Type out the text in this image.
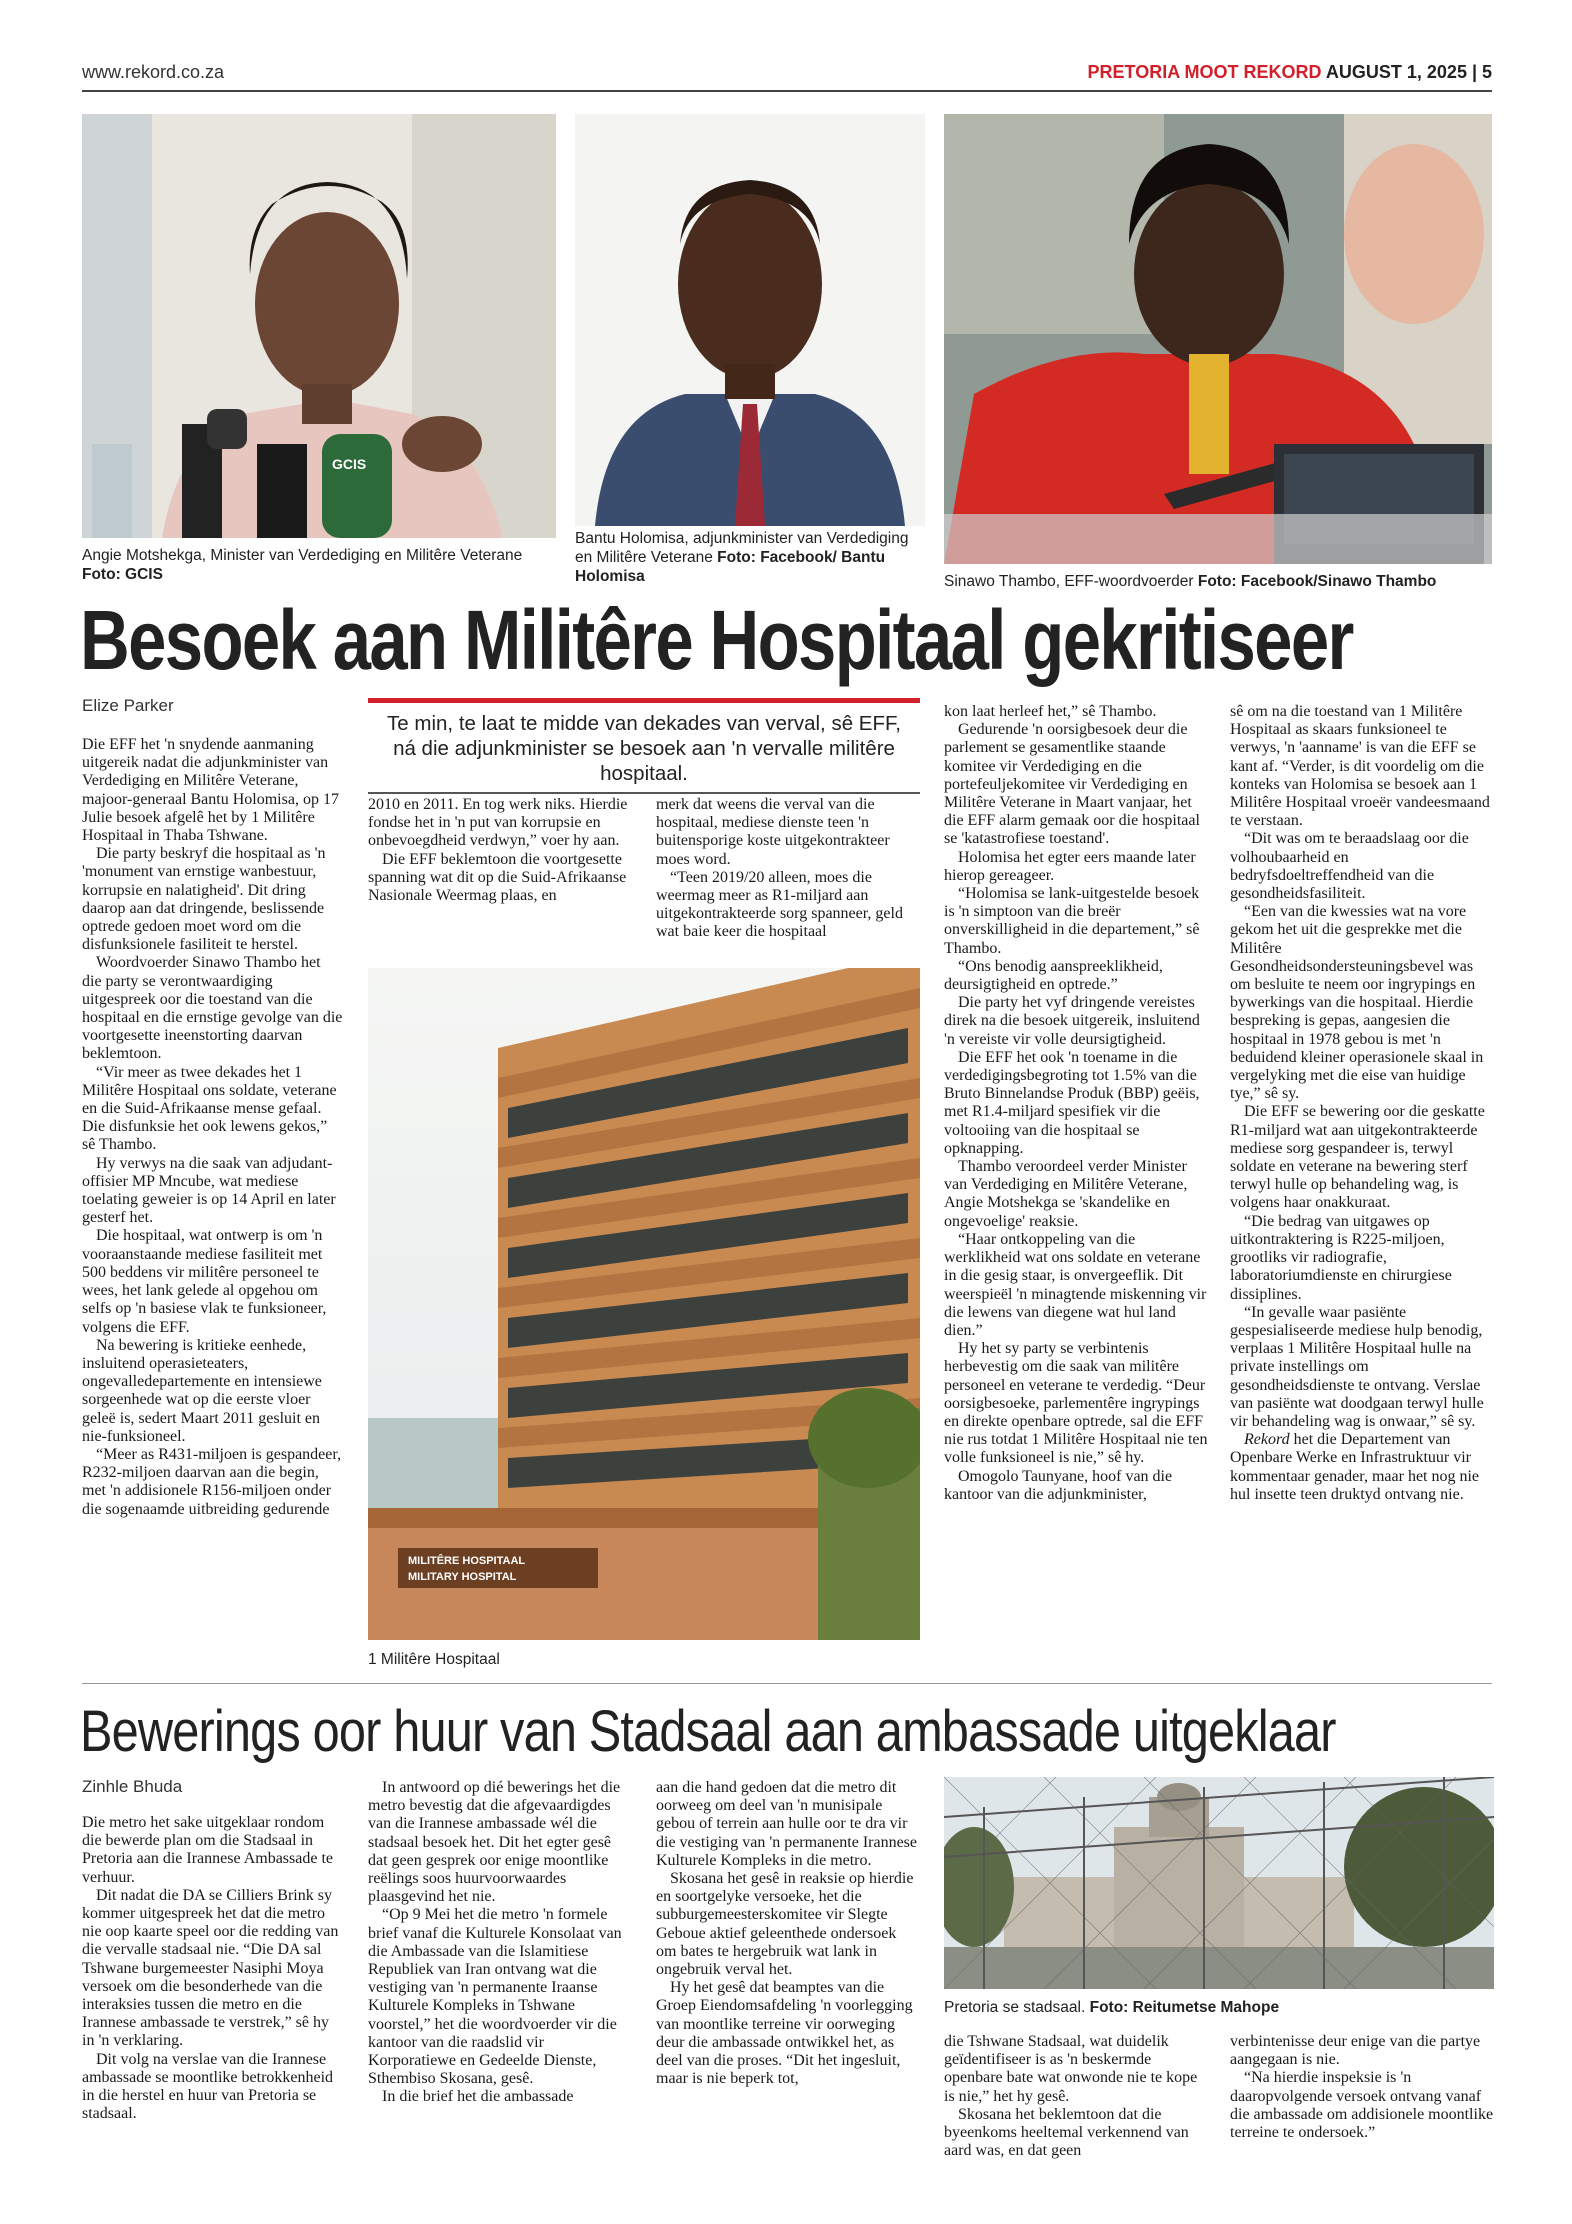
www.rekord.co.za	PRETORIA MOOT REKORD AUGUST 1, 2025 | 5
GCIS
Angie Motshekga, Minister van Verdediging en Militêre Veterane Foto: GCIS
Bantu Holomisa, adjunkminister van Verdediging en Militêre Veterane Foto: Facebook/ Bantu Holomisa	Sinawo Thambo, EFF-woordvoerder Foto: Facebook/Sinawo Thambo
Besoek aan Militêre Hospitaal gekritiseer
Elize Parker
Te min, te laat te midde van dekades van verval, sê EFF, ná die adjunkminister se besoek aan 'n vervalle militêre hospitaal.

Die EFF het 'n snydende aanmaning uitgereik nadat die adjunkminister van Verdediging en Militêre Veterane, majoor-generaal Bantu Holomisa, op 17 Julie besoek afgelê het by 1 Militêre Hospitaal in Thaba Tshwane.

Die party beskryf die hospitaal as 'n 'monument van ernstige wanbestuur, korrupsie en nalatigheid'. Dit dring daarop aan dat dringende, beslissende optrede gedoen moet word om die disfunksionele fasiliteit te herstel.

Woordvoerder Sinawo Thambo het die party se verontwaardiging uitgespreek oor die toestand van die hospitaal en die ernstige gevolge van die voortgesette ineenstorting daarvan beklemtoon.

“Vir meer as twee dekades het 1 Militêre Hospitaal ons soldate, veterane en die Suid-Afrikaanse mense gefaal. Die disfunksie het ook lewens gekos,” sê Thambo.

Hy verwys na die saak van adjudant-offisier MP Mncube, wat mediese toelating geweier is op 14 April en later gesterf het.

Die hospitaal, wat ontwerp is om 'n vooraanstaande mediese fasiliteit met 500 beddens vir militêre personeel te wees, het lank gelede al opgehou om selfs op 'n basiese vlak te funksioneer, volgens die EFF.

Na bewering is kritieke eenhede, insluitend operasieteaters, ongevalledepartemente en intensiewe sorgeenhede wat op die eerste vloer geleë is, sedert Maart 2011 gesluit en nie-funksioneel.

“Meer as R431-miljoen is gespandeer, R232-miljoen daarvan aan die begin, met 'n addisionele R156-miljoen onder die sogenaamde uitbreiding gedurende

2010 en 2011. En tog werk niks. Hierdie fondse het in 'n put van korrupsie en onbevoegdheid verdwyn,” voer hy aan.

Die EFF beklemtoon die voortgesette spanning wat dit op die Suid-Afrikaanse Nasionale Weermag plaas, en

merk dat weens die verval van die hospitaal, mediese dienste teen 'n buitensporige koste uitgekontrakteer moes word.

“Teen 2019/20 alleen, moes die weermag meer as R1-miljard aan uitgekontrakteerde sorg spanneer, geld wat baie keer die hospitaal

MILITÊRE HOSPITAAL
MILITARY HOSPITAL
1 Militêre Hospitaal

kon laat herleef het,” sê Thambo.

Gedurende 'n oorsigbesoek deur die parlement se gesamentlike staande komitee vir Verdediging en die portefeuljekomitee vir Verdediging en Militêre Veterane in Maart vanjaar, het die EFF alarm gemaak oor die hospitaal se 'katastrofiese toestand'.

Holomisa het egter eers maande later hierop gereageer.

“Holomisa se lank-uitgestelde besoek is 'n simptoon van die breër onverskilligheid in die departement,” sê Thambo.

“Ons benodig aanspreeklikheid, deursigtigheid en optrede.”

Die party het vyf dringende vereistes direk na die besoek uitgereik, insluitend 'n vereiste vir volle deursigtigheid.

Die EFF het ook 'n toename in die verdedigingsbegroting tot 1.5% van die Bruto Binnelandse Produk (BBP) geëis, met R1.4-miljard spesifiek vir die voltooiing van die hospitaal se opknapping.

Thambo veroordeel verder Minister van Verdediging en Militêre Veterane, Angie Motshekga se 'skandelike en ongevoelige' reaksie.

“Haar ontkoppeling van die werklikheid wat ons soldate en veterane in die gesig staar, is onvergeeflik. Dit weerspieël 'n minagtende miskenning vir die lewens van diegene wat hul land dien.”

Hy het sy party se verbintenis herbevestig om die saak van militêre personeel en veterane te verdedig. “Deur oorsigbesoeke, parlementêre ingrypings en direkte openbare optrede, sal die EFF nie rus totdat 1 Militêre Hospitaal nie ten volle funksioneel is nie,” sê hy.

Omogolo Taunyane, hoof van die kantoor van die adjunkminister,

sê om na die toestand van 1 Militêre Hospitaal as skaars funksioneel te verwys, 'n 'aanname' is van die EFF se kant af. “Verder, is dit voordelig om die konteks van Holomisa se besoek aan 1 Militêre Hospitaal vroeër vandeesmaand te verstaan.

“Dit was om te beraadslaag oor die volhoubaarheid en bedryfsdoeltreffendheid van die gesondheidsfasiliteit.

“Een van die kwessies wat na vore gekom het uit die gesprekke met die Militêre Gesondheidsondersteuningsbevel was om besluite te neem oor ingrypings en bywerkings van die hospitaal. Hierdie bespreking is gepas, aangesien die hospitaal in 1978 gebou is met 'n beduidend kleiner operasionele skaal in vergelyking met die eise van huidige tye,” sê sy.

Die EFF se bewering oor die geskatte R1-miljard wat aan uitgekontrakteerde mediese sorg gespandeer is, terwyl soldate en veterane na bewering sterf terwyl hulle op behandeling wag, is volgens haar onakkuraat.

“Die bedrag van uitgawes op uitkontraktering is R225-miljoen, grootliks vir radiografie, laboratoriumdienste en chirurgiese dissiplines.

“In gevalle waar pasiënte gespesialiseerde mediese hulp benodig, verplaas 1 Militêre Hospitaal hulle na private instellings om gesondheidsdienste te ontvang. Verslae van pasiënte wat doodgaan terwyl hulle vir behandeling wag is onwaar,” sê sy.

Rekord het die Departement van Openbare Werke en Infrastruktuur vir kommentaar genader, maar het nog nie hul insette teen druktyd ontvang nie.

Bewerings oor huur van Stadsaal aan ambassade uitgeklaar
Zinhle Bhuda

Die metro het sake uitgeklaar rondom die bewerde plan om die Stadsaal in Pretoria aan die Irannese Ambassade te verhuur.

Dit nadat die DA se Cilliers Brink sy kommer uitgespreek het dat die metro nie oop kaarte speel oor die redding van die vervalle stadsaal nie. “Die DA sal Tshwane burgemeester Nasiphi Moya versoek om die besonderhede van die interaksies tussen die metro en die Irannese ambassade te verstrek,” sê hy in 'n verklaring.

Dit volg na verslae van die Irannese ambassade se moontlike betrokkenheid in die herstel en huur van Pretoria se stadsaal.

In antwoord op dié bewerings het die metro bevestig dat die afgevaardigdes van die Irannese ambassade wél die stadsaal besoek het. Dit het egter gesê dat geen gesprek oor enige moontlike reëlings soos huurvoorwaardes plaasgevind het nie.

“Op 9 Mei het die metro 'n formele brief vanaf die Kulturele Konsolaat van die Ambassade van die Islamitiese Republiek van Iran ontvang wat die vestiging van 'n permanente Iraanse Kulturele Kompleks in Tshwane voorstel,” het die woordvoerder vir die kantoor van die raadslid vir Korporatiewe en Gedeelde Dienste, Sthembiso Skosana, gesê.

In die brief het die ambassade

aan die hand gedoen dat die metro dit oorweeg om deel van 'n munisipale gebou of terrein aan hulle oor te dra vir die vestiging van 'n permanente Irannese Kulturele Kompleks in die metro.

Skosana het gesê in reaksie op hierdie en soortgelyke versoeke, het die subburgemeesterskomitee vir Slegte Geboue aktief geleenthede ondersoek om bates te hergebruik wat lank in ongebruik verval het.

Hy het gesê dat beamptes van die Groep Eiendomsafdeling 'n voorlegging van moontlike terreine vir oorweging deur die ambassade ontwikkel het, as deel van die proses. “Dit het ingesluit, maar is nie beperk tot,

Pretoria se stadsaal. Foto: Reitumetse Mahope

die Tshwane Stadsaal, wat duidelik geïdentifiseer is as 'n beskermde openbare bate wat onwonde nie te kope is nie,” het hy gesê.

Skosana het beklemtoon dat die byeenkoms heeltemal verkennend van aard was, en dat geen

verbintenisse deur enige van die partye aangegaan is nie.

“Na hierdie inspeksie is 'n daaropvolgende versoek ontvang vanaf die ambassade om addisionele moontlike terreine te ondersoek.”
